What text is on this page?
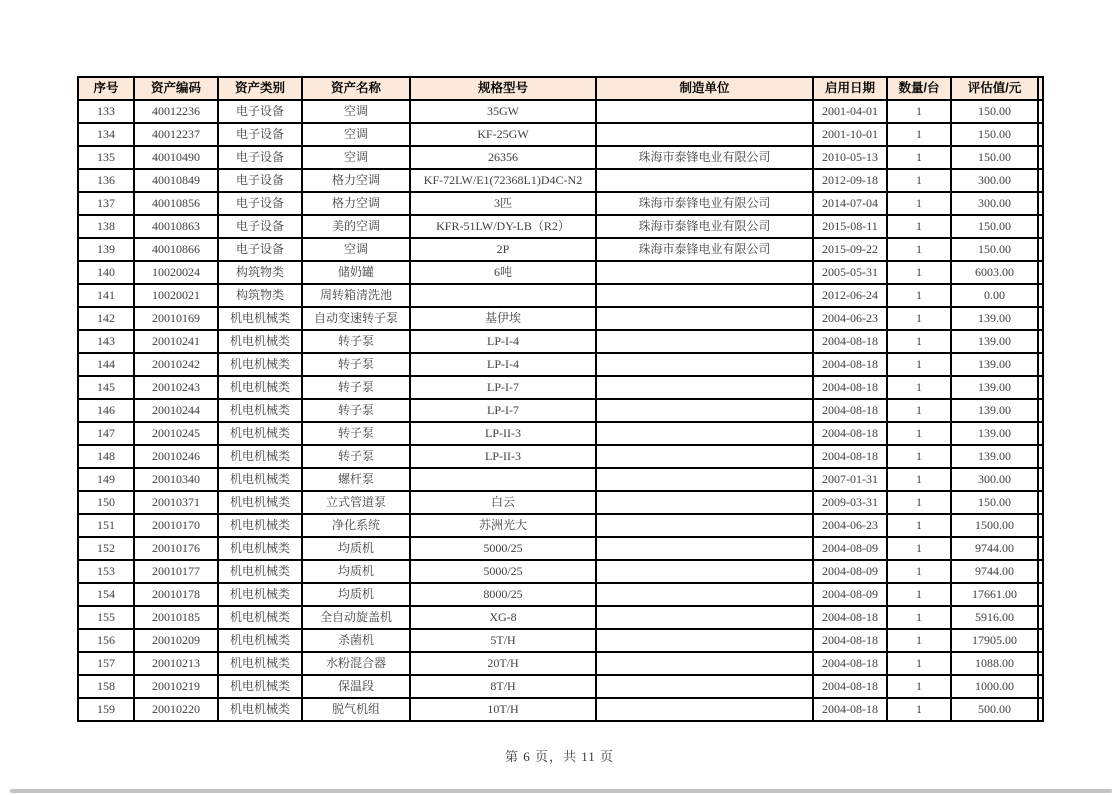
序号	资产编码	资产类别	资产名称	规格型号	制造单位	启用日期	数量/台	评估值/元	
133	40012236	电子设备	空调	35GW		2001-04-01	1	150.00	
134	40012237	电子设备	空调	KF-25GW		2001-10-01	1	150.00	
135	40010490	电子设备	空调	26356	珠海市泰锋电业有限公司	2010-05-13	1	150.00	
136	40010849	电子设备	格力空调	KF-72LW/E1(72368L1)D4C-N2		2012-09-18	1	300.00	
137	40010856	电子设备	格力空调	3匹	珠海市泰锋电业有限公司	2014-07-04	1	300.00	
138	40010863	电子设备	美的空调	KFR-51LW/DY-LB（R2）	珠海市泰锋电业有限公司	2015-08-11	1	150.00	
139	40010866	电子设备	空调	2P	珠海市泰锋电业有限公司	2015-09-22	1	150.00	
140	10020024	构筑物类	储奶罐	6吨		2005-05-31	1	6003.00	
141	10020021	构筑物类	周转箱清洗池			2012-06-24	1	0.00	
142	20010169	机电机械类	自动变速转子泵	基伊埃		2004-06-23	1	139.00	
143	20010241	机电机械类	转子泵	LP-I-4		2004-08-18	1	139.00	
144	20010242	机电机械类	转子泵	LP-I-4		2004-08-18	1	139.00	
145	20010243	机电机械类	转子泵	LP-I-7		2004-08-18	1	139.00	
146	20010244	机电机械类	转子泵	LP-I-7		2004-08-18	1	139.00	
147	20010245	机电机械类	转子泵	LP-II-3		2004-08-18	1	139.00	
148	20010246	机电机械类	转子泵	LP-II-3		2004-08-18	1	139.00	
149	20010340	机电机械类	螺杆泵			2007-01-31	1	300.00	
150	20010371	机电机械类	立式管道泵	白云		2009-03-31	1	150.00	
151	20010170	机电机械类	净化系统	苏洲光大		2004-06-23	1	1500.00	
152	20010176	机电机械类	均质机	5000/25		2004-08-09	1	9744.00	
153	20010177	机电机械类	均质机	5000/25		2004-08-09	1	9744.00	
154	20010178	机电机械类	均质机	8000/25		2004-08-09	1	17661.00	
155	20010185	机电机械类	全自动旋盖机	XG-8		2004-08-18	1	5916.00	
156	20010209	机电机械类	杀菌机	5T/H		2004-08-18	1	17905.00	
157	20010213	机电机械类	水粉混合器	20T/H		2004-08-18	1	1088.00	
158	20010219	机电机械类	保温段	8T/H		2004-08-18	1	1000.00	
159	20010220	机电机械类	脱气机组	10T/H		2004-08-18	1	500.00	
第 6 页，共 11 页
